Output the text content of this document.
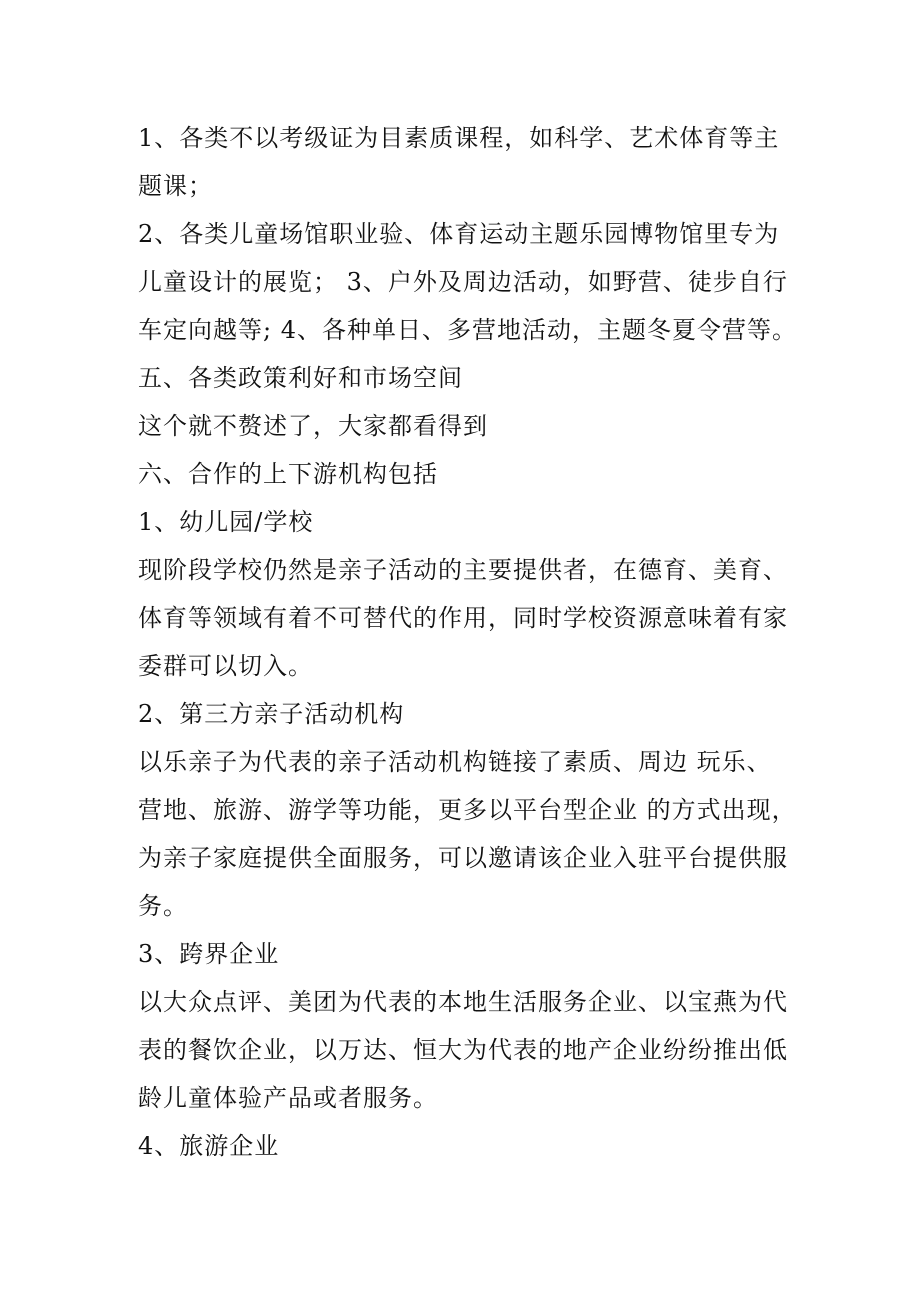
1、各类不以考级证为目素质课程，如科学、艺术体育等主
题课；
2、各类儿童场馆职业验、体育运动主题乐园博物馆里专为
儿童设计的展览； 3、户外及周边活动，如野营、徒步自行
车定向越等; 4、各种单日、多营地活动，主题冬夏令营等。
五、各类政策利好和市场空间
这个就不赘述了，大家都看得到
六、合作的上下游机构包括
1、幼儿园/学校
现阶段学校仍然是亲子活动的主要提供者，在德育、美育、
体育等领域有着不可替代的作用，同时学校资源意味着有家
委群可以切入。
2、第三方亲子活动机构
以乐亲子为代表的亲子活动机构链接了素质、周边 玩乐、
营地、旅游、游学等功能，更多以平台型企业 的方式出现，
为亲子家庭提供全面服务，可以邀请该企业入驻平台提供服
务。
3、跨界企业
以大众点评、美团为代表的本地生活服务企业、以宝燕为代
表的餐饮企业，以万达、恒大为代表的地产企业纷纷推出低
龄儿童体验产品或者服务。
4、旅游企业
